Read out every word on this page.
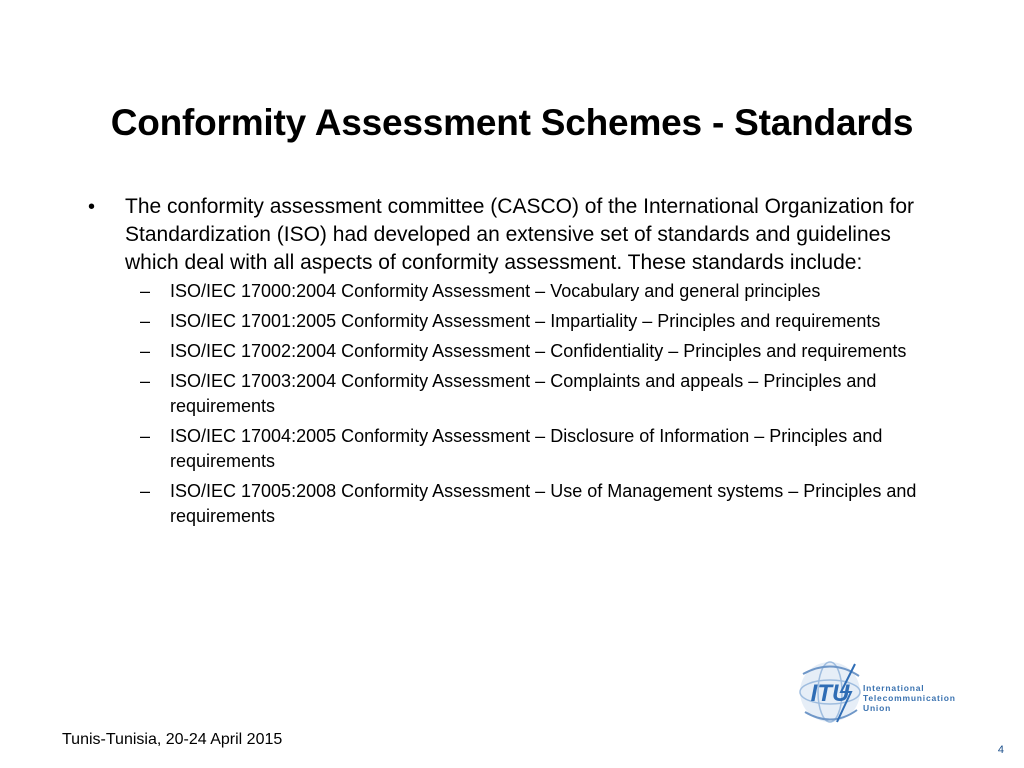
Conformity Assessment Schemes - Standards
•	The conformity assessment committee (CASCO) of the International Organization for Standardization (ISO) had developed an extensive set of standards and guidelines which deal with all aspects of conformity assessment. These standards include:
–	ISO/IEC 17000:2004 Conformity Assessment – Vocabulary and general principles
–	ISO/IEC 17001:2005 Conformity Assessment – Impartiality – Principles and requirements
–	ISO/IEC 17002:2004 Conformity Assessment – Confidentiality – Principles and requirements
–	ISO/IEC 17003:2004 Conformity Assessment – Complaints and appeals – Principles and requirements
–	ISO/IEC 17004:2005 Conformity Assessment – Disclosure of Information – Principles and requirements
–	ISO/IEC 17005:2008 Conformity Assessment – Use of Management systems – Principles and requirements
ITU International
Telecommunication
Union
Tunis-Tunisia, 20-24 April 2015
4
